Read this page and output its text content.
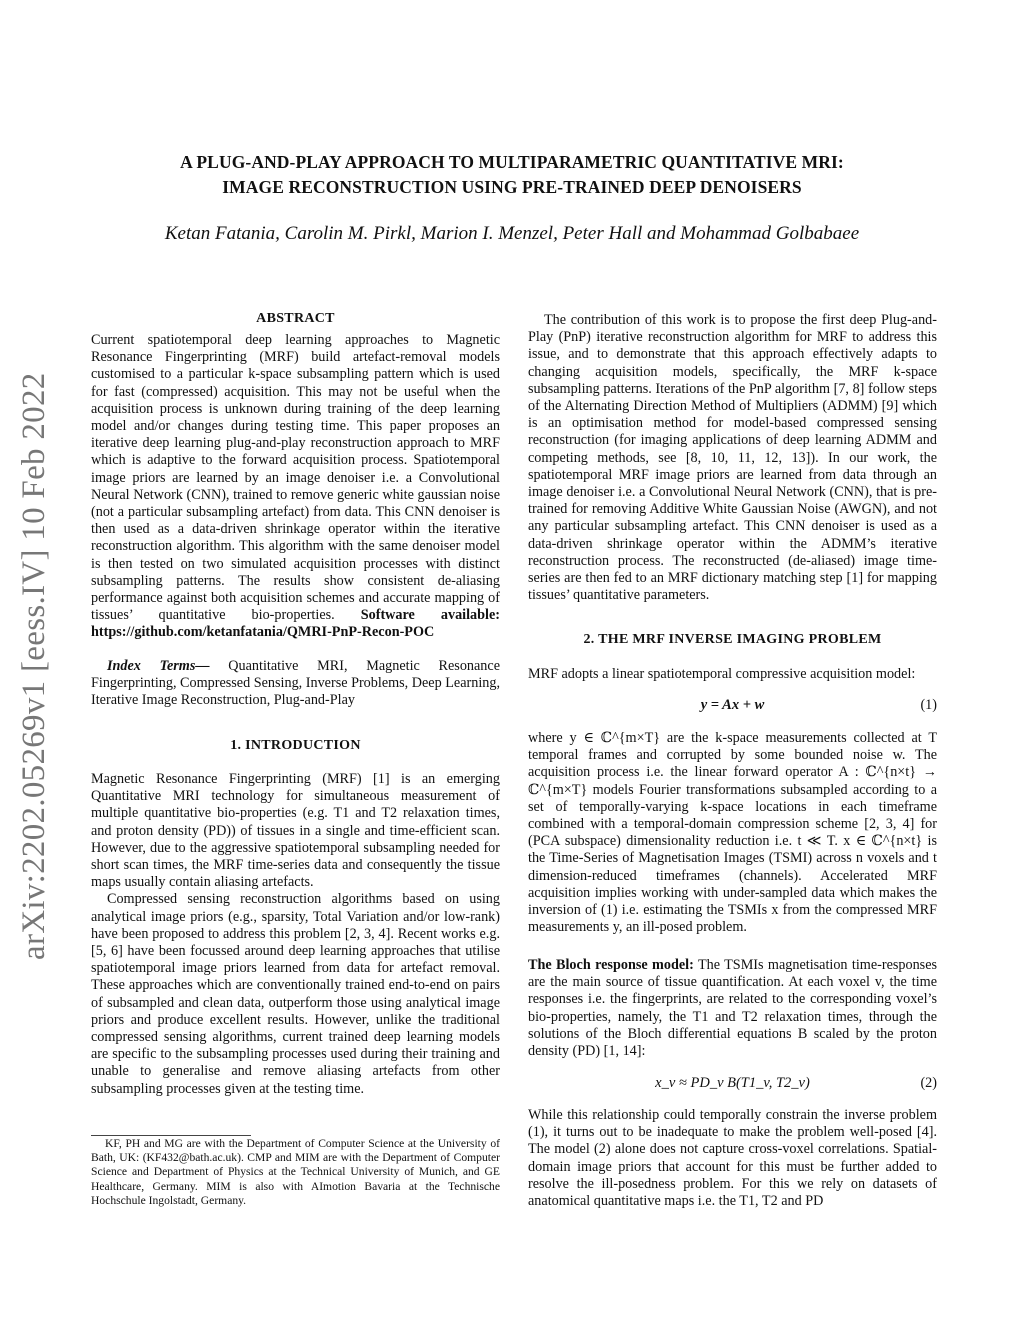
A PLUG-AND-PLAY APPROACH TO MULTIPARAMETRIC QUANTITATIVE MRI:
IMAGE RECONSTRUCTION USING PRE-TRAINED DEEP DENOISERS
Ketan Fatania, Carolin M. Pirkl, Marion I. Menzel, Peter Hall and Mohammad Golbabaee
arXiv:2202.05269v1 [eess.IV] 10 Feb 2022
ABSTRACT

Current spatiotemporal deep learning approaches to Magnetic Resonance Fingerprinting (MRF) build artefact-removal models customised to a particular k-space subsampling pattern which is used for fast (compressed) acquisition. This may not be useful when the acquisition process is unknown during training of the deep learning model and/or changes during testing time. This paper proposes an iterative deep learning plug-and-play reconstruction approach to MRF which is adaptive to the forward acquisition process. Spatiotemporal image priors are learned by an image denoiser i.e. a Convolutional Neural Network (CNN), trained to remove generic white gaussian noise (not a particular subsampling artefact) from data. This CNN denoiser is then used as a data-driven shrinkage operator within the iterative reconstruction algorithm. This algorithm with the same denoiser model is then tested on two simulated acquisition processes with distinct subsampling patterns. The results show consistent de-aliasing performance against both acquisition schemes and accurate mapping of tissues’ quantitative bio-properties. Software available: https://github.com/ketanfatania/QMRI-PnP-Recon-POC

Index Terms— Quantitative MRI, Magnetic Resonance Fingerprinting, Compressed Sensing, Inverse Problems, Deep Learning, Iterative Image Reconstruction, Plug-and-Play

1. INTRODUCTION

Magnetic Resonance Fingerprinting (MRF) [1] is an emerging Quantitative MRI technology for simultaneous measurement of multiple quantitative bio-properties (e.g. T1 and T2 relaxation times, and proton density (PD)) of tissues in a single and time-efficient scan. However, due to the aggressive spatiotemporal subsampling needed for short scan times, the MRF time-series data and consequently the tissue maps usually contain aliasing artefacts.

Compressed sensing reconstruction algorithms based on using analytical image priors (e.g., sparsity, Total Variation and/or low-rank) have been proposed to address this problem [2, 3, 4]. Recent works e.g. [5, 6] have been focussed around deep learning approaches that utilise spatiotemporal image priors learned from data for artefact removal. These approaches which are conventionally trained end-to-end on pairs of subsampled and clean data, outperform those using analytical image priors and produce excellent results. However, unlike the traditional compressed sensing algorithms, current trained deep learning models are specific to the subsampling processes used during their training and unable to generalise and remove aliasing artefacts from other subsampling processes given at the testing time.

KF, PH and MG are with the Department of Computer Science at the University of Bath, UK: (KF432@bath.ac.uk). CMP and MIM are with the Department of Computer Science and Department of Physics at the Technical University of Munich, and GE Healthcare, Germany. MIM is also with AImotion Bavaria at the Technische Hochschule Ingolstadt, Germany.

The contribution of this work is to propose the first deep Plug-and-Play (PnP) iterative reconstruction algorithm for MRF to address this issue, and to demonstrate that this approach effectively adapts to changing acquisition models, specifically, the MRF k-space subsampling patterns. Iterations of the PnP algorithm [7, 8] follow steps of the Alternating Direction Method of Multipliers (ADMM) [9] which is an optimisation method for model-based compressed sensing reconstruction (for imaging applications of deep learning ADMM and competing methods, see [8, 10, 11, 12, 13]). In our work, the spatiotemporal MRF image priors are learned from data through an image denoiser i.e. a Convolutional Neural Network (CNN), that is pre-trained for removing Additive White Gaussian Noise (AWGN), and not any particular subsampling artefact. This CNN denoiser is used as a data-driven shrinkage operator within the ADMM’s iterative reconstruction process. The reconstructed (de-aliased) image time-series are then fed to an MRF dictionary matching step [1] for mapping tissues’ quantitative parameters.

2. THE MRF INVERSE IMAGING PROBLEM
MRF adopts a linear spatiotemporal compressive acquisition model:
y = Ax + w	(1)

where y ∈ ℂ^{m×T} are the k-space measurements collected at T temporal frames and corrupted by some bounded noise w. The acquisition process i.e. the linear forward operator A : ℂ^{n×t} → ℂ^{m×T} models Fourier transformations subsampled according to a set of temporally-varying k-space locations in each timeframe combined with a temporal-domain compression scheme [2, 3, 4] for (PCA subspace) dimensionality reduction i.e. t ≪ T. x ∈ ℂ^{n×t} is the Time-Series of Magnetisation Images (TSMI) across n voxels and t dimension-reduced timeframes (channels). Accelerated MRF acquisition implies working with under-sampled data which makes the inversion of (1) i.e. estimating the TSMIs x from the compressed MRF measurements y, an ill-posed problem.

The Bloch response model: The TSMIs magnetisation time-responses are the main source of tissue quantification. At each voxel v, the time responses i.e. the fingerprints, are related to the corresponding voxel’s bio-properties, namely, the T1 and T2 relaxation times, through the solutions of the Bloch differential equations B scaled by the proton density (PD) [1, 14]:

x_v ≈ PD_v B(T1_v, T2_v)	(2)

While this relationship could temporally constrain the inverse problem (1), it turns out to be inadequate to make the problem well-posed [4]. The model (2) alone does not capture cross-voxel correlations. Spatial-domain image priors that account for this must be further added to resolve the ill-posedness problem. For this we rely on datasets of anatomical quantitative maps i.e. the T1, T2 and PD
